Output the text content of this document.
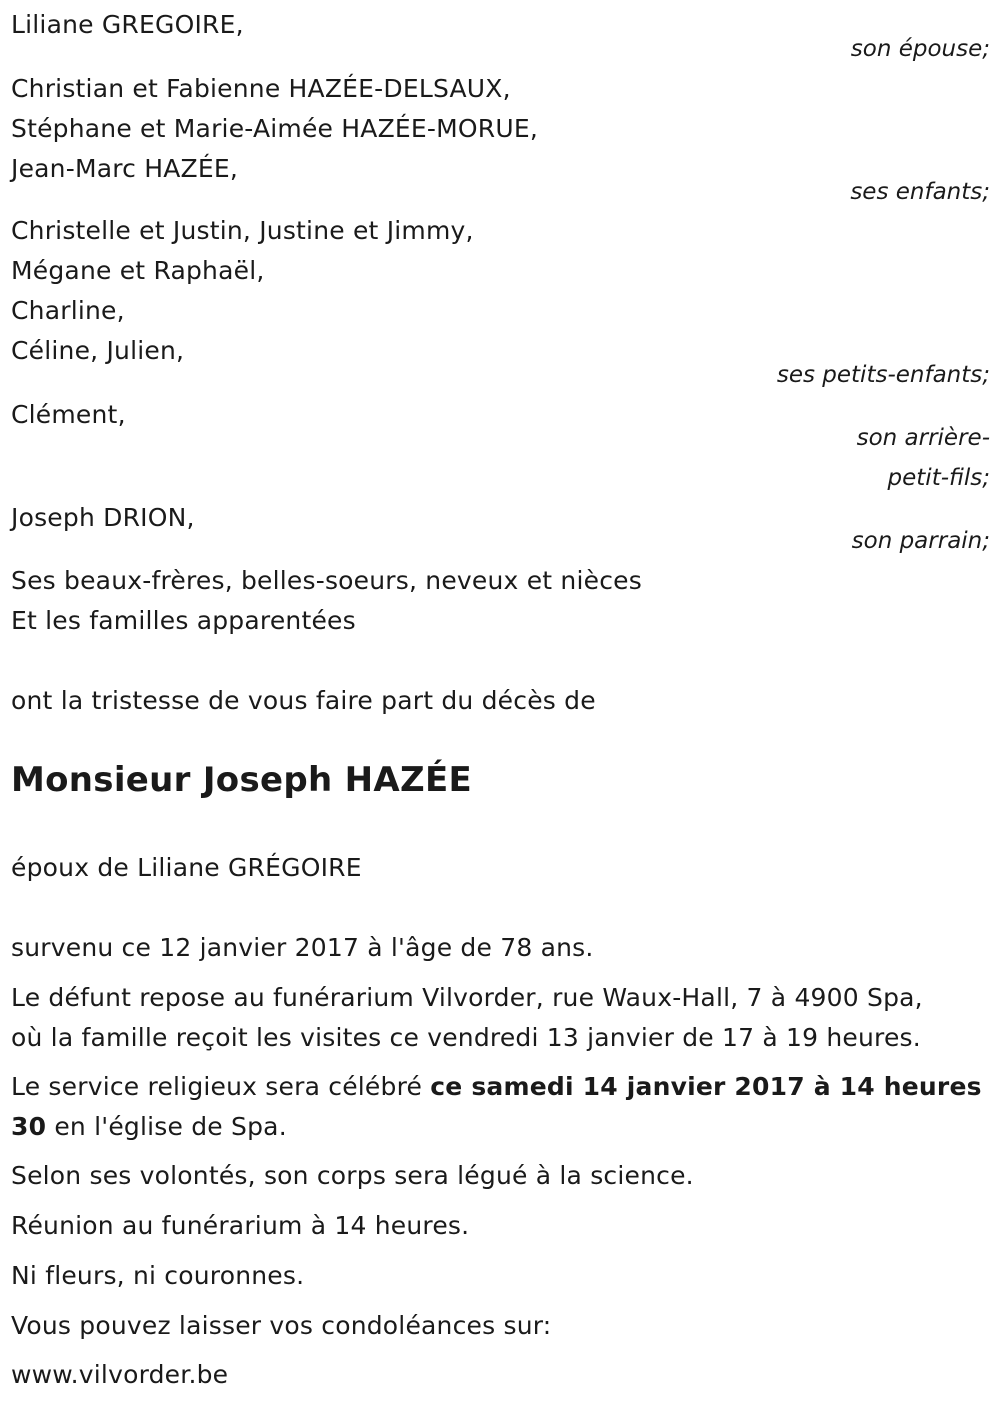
Liliane GREGOIRE,
son épouse;
Christian et Fabienne HAZÉE-DELSAUX,
Stéphane et Marie-Aimée HAZÉE-MORUE,
Jean-Marc HAZÉE,
ses enfants;
Christelle et Justin, Justine et Jimmy,
Mégane et Raphaël,
Charline,
Céline, Julien,
ses petits-enfants;
Clément,
son arrière-
petit-fils;
Joseph DRION,
son parrain;
Ses beaux-frères, belles-soeurs, neveux et nièces
Et les familles apparentées
ont la tristesse de vous faire part du décès de
Monsieur Joseph HAZÉE
époux de Liliane GRÉGOIRE
survenu ce 12 janvier 2017 à l'âge de 78 ans.
Le défunt repose au funérarium Vilvorder, rue Waux-Hall, 7 à 4900 Spa,
où la famille reçoit les visites ce vendredi 13 janvier de 17 à 19 heures.
Le service religieux sera célébré ce samedi 14 janvier 2017 à 14 heures
30 en l'église de Spa.
Selon ses volontés, son corps sera légué à la science.
Réunion au funérarium à 14 heures.
Ni fleurs, ni couronnes.
Vous pouvez laisser vos condoléances sur:
www.vilvorder.be
